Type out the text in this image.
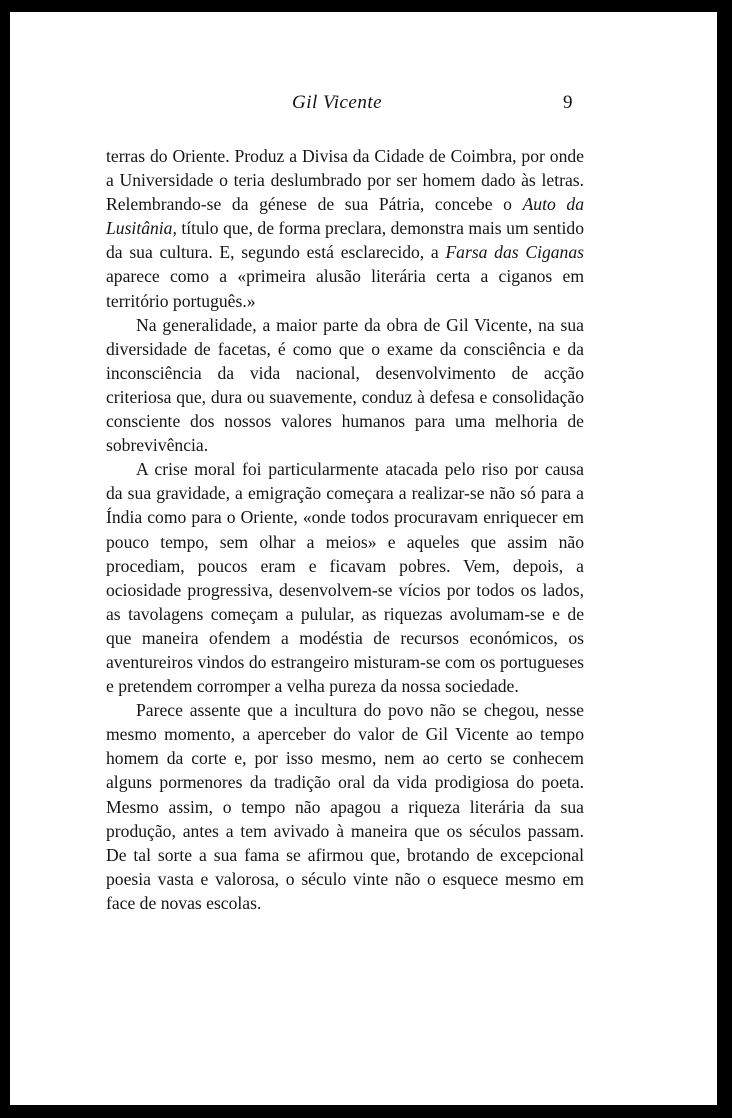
Gil Vicente	9

terras do Oriente. Produz a Divisa da Cidade de Coimbra, por onde a Universidade o teria deslumbrado por ser homem dado às letras. Relembrando-se da génese de sua Pátria, concebe o Auto da Lusitânia, título que, de forma preclara, demonstra mais um sentido da sua cultura. E, segundo está esclarecido, a Farsa das Ciganas aparece como a «primeira alusão literária certa a ciganos em território português.»

Na generalidade, a maior parte da obra de Gil Vicente, na sua diversidade de facetas, é como que o exame da consciência e da inconsciência da vida nacional, desenvolvimento de acção criteriosa que, dura ou suavemente, conduz à defesa e consolidação consciente dos nossos valores humanos para uma melhoria de sobrevivência.

A crise moral foi particularmente atacada pelo riso por causa da sua gravidade, a emigração começara a realizar-se não só para a Índia como para o Oriente, «onde todos procuravam enriquecer em pouco tempo, sem olhar a meios» e aqueles que assim não procediam, poucos eram e ficavam pobres. Vem, depois, a ociosidade progressiva, desenvolvem-se vícios por todos os lados, as tavolagens começam a pulular, as riquezas avolumam-se e de que maneira ofendem a modéstia de recursos económicos, os aventureiros vindos do estrangeiro misturam-se com os portugueses e pretendem corromper a velha pureza da nossa sociedade.

Parece assente que a incultura do povo não se chegou, nesse mesmo momento, a aperceber do valor de Gil Vicente ao tempo homem da corte e, por isso mesmo, nem ao certo se conhecem alguns pormenores da tradição oral da vida prodigiosa do poeta. Mesmo assim, o tempo não apagou a riqueza literária da sua produção, antes a tem avivado à maneira que os séculos passam. De tal sorte a sua fama se afirmou que, brotando de excepcional poesia vasta e valorosa, o século vinte não o esquece mesmo em face de novas escolas.
